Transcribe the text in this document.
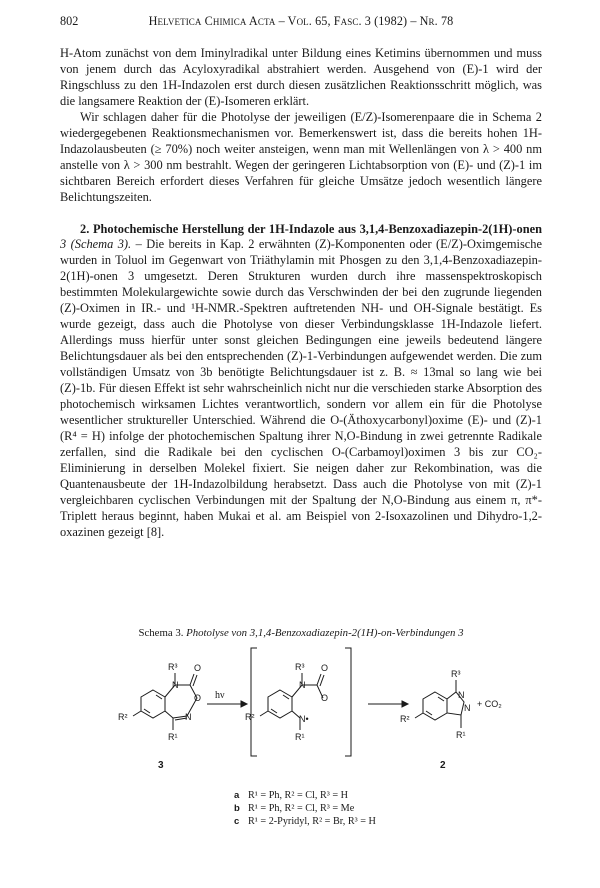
802	Helvetica Chimica Acta – Vol. 65, Fasc. 3 (1982) – Nr. 78

H-Atom zunächst von dem Iminylradikal unter Bildung eines Ketimins übernommen und muss von jenem durch das Acyloxyradikal abstrahiert werden. Ausgehend von (E)-1 wird der Ringschluss zu den 1H-Indazolen erst durch diesen zusätzlichen Reaktionsschritt möglich, was die langsamere Reaktion der (E)-Isomeren erklärt.

Wir schlagen daher für die Photolyse der jeweiligen (E/Z)-Isomerenpaare die in Schema 2 wiedergegebenen Reaktionsmechanismen vor. Bemerkenswert ist, dass die bereits hohen 1H-Indazolausbeuten (≥ 70%) noch weiter ansteigen, wenn man mit Wellenlängen von λ > 400 nm anstelle von λ > 300 nm bestrahlt. Wegen der geringeren Lichtabsorption von (E)- und (Z)-1 im sichtbaren Bereich erfordert dieses Verfahren für gleiche Umsätze jedoch wesentlich längere Belichtungszeiten.

2. Photochemische Herstellung der 1H-Indazole aus 3,1,4-Benzoxadiazepin-2(1H)-onen 3 (Schema 3). – Die bereits in Kap. 2 erwähnten (Z)-Komponenten oder (E/Z)-Oximgemische wurden in Toluol im Gegenwart von Triäthylamin mit Phosgen zu den 3,1,4-Benzoxadiazepin-2(1H)-onen 3 umgesetzt. Deren Strukturen wurden durch ihre massenspektroskopisch bestimmten Molekulargewichte sowie durch das Verschwinden der bei den zugrunde liegenden (Z)-Oximen in IR.- und ¹H-NMR.-Spektren auftretenden NH- und OH-Signale bestätigt. Es wurde gezeigt, dass auch die Photolyse von dieser Verbindungsklasse 1H-Indazole liefert. Allerdings muss hierfür unter sonst gleichen Bedingungen eine jeweils bedeutend längere Belichtungsdauer als bei den entsprechenden (Z)-1-Verbindungen aufgewendet werden. Die zum vollständigen Umsatz von 3b benötigte Belichtungsdauer ist z. B. ≈ 13mal so lang wie bei (Z)-1b. Für diesen Effekt ist sehr wahrscheinlich nicht nur die verschieden starke Absorption des photochemisch wirksamen Lichtes verantwortlich, sondern vor allem ein für die Photolyse wesentlicher struktureller Unterschied. Während die O-(Äthoxycarbonyl)oxime (E)- und (Z)-1 (R⁴ = H) infolge der photochemischen Spaltung ihrer N,O-Bindung in zwei getrennte Radikale zerfallen, sind die Radikale bei den cyclischen O-(Carbamoyl)oximen 3 bis zur CO₂-Eliminierung in derselben Molekel fixiert. Sie neigen daher zur Rekombination, was die Quantenausbeute der 1H-Indazolbildung herabsetzt. Dass auch die Photolyse von mit (Z)-1 vergleichbaren cyclischen Verbindungen mit der Spaltung der N,O-Bindung aus einem π, π*-Triplett heraus beginnt, haben Mukai et al. am Beispiel von 2-Isoxazolinen und Dihydro-1,2-oxazinen gezeigt [8].

Schema 3. Photolyse von 3,1,4-Benzoxadiazepin-2(1H)-on-Verbindungen 3
hν
R³
N
O
O
N
R²
R¹
R³
N
O
O
N•
R²
R¹
R³
N
N
R²
R¹
+ CO₂
3	2
a R¹ = Ph, R² = Cl, R³ = H
b R¹ = Ph, R² = Cl, R³ = Me
c R¹ = 2-Pyridyl, R² = Br, R³ = H
